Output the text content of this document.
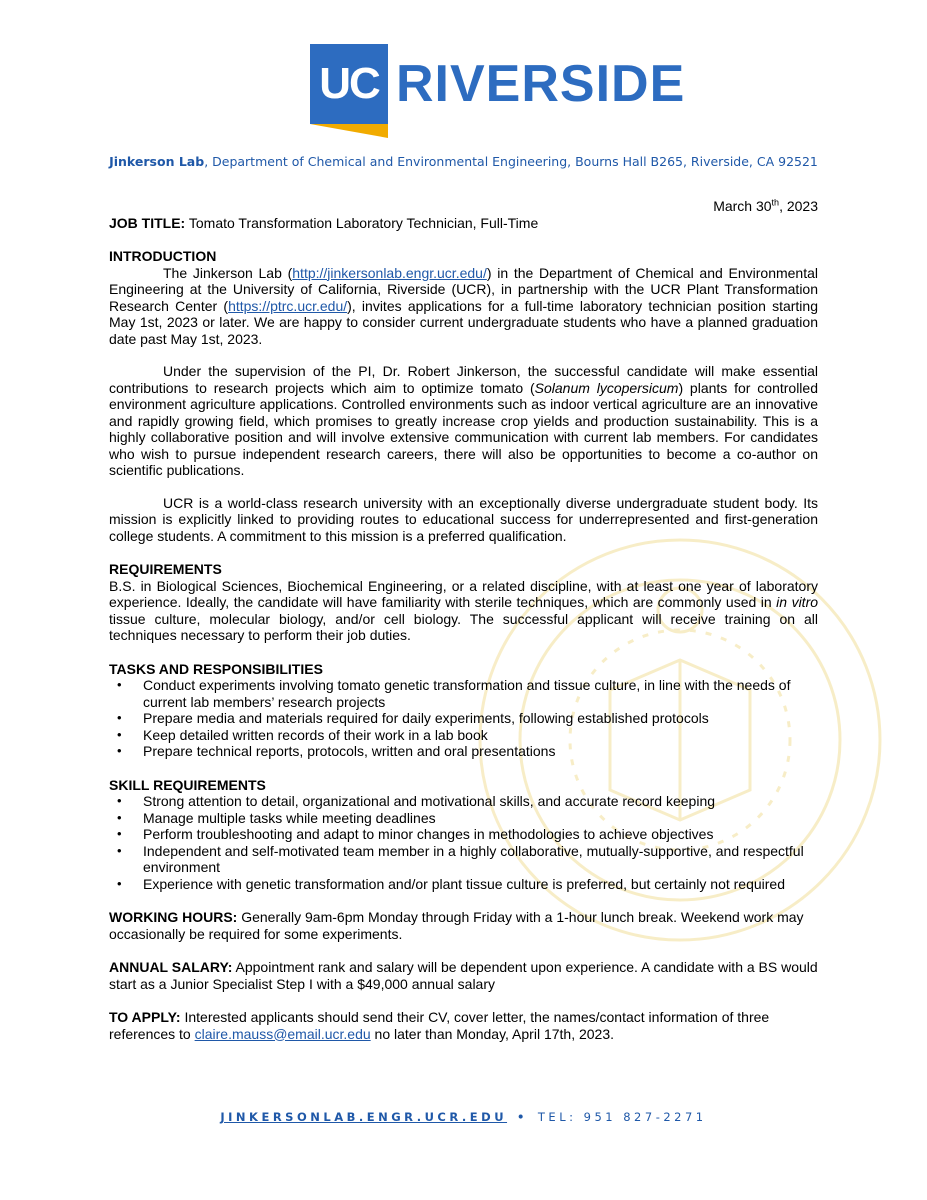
UC RIVERSIDE
Jinkerson Lab, Department of Chemical and Environmental Engineering, Bourns Hall B265, Riverside, CA 92521

March 30th, 2023

JOB TITLE: Tomato Transformation Laboratory Technician, Full-Time

INTRODUCTION

The Jinkerson Lab (http://jinkersonlab.engr.ucr.edu/) in the Department of Chemical and Environmental Engineering at the University of California, Riverside (UCR), in partnership with the UCR Plant Transformation Research Center (https://ptrc.ucr.edu/), invites applications for a full-time laboratory technician position starting May 1st, 2023 or later. We are happy to consider current undergraduate students who have a planned graduation date past May 1st, 2023.

Under the supervision of the PI, Dr. Robert Jinkerson, the successful candidate will make essential contributions to research projects which aim to optimize tomato (Solanum lycopersicum) plants for controlled environment agriculture applications. Controlled environments such as indoor vertical agriculture are an innovative and rapidly growing field, which promises to greatly increase crop yields and production sustainability. This is a highly collaborative position and will involve extensive communication with current lab members. For candidates who wish to pursue independent research careers, there will also be opportunities to become a co-author on scientific publications.

UCR is a world-class research university with an exceptionally diverse undergraduate student body. Its mission is explicitly linked to providing routes to educational success for underrepresented and first-generation college students. A commitment to this mission is a preferred qualification.

REQUIREMENTS

B.S. in Biological Sciences, Biochemical Engineering, or a related discipline, with at least one year of laboratory experience. Ideally, the candidate will have familiarity with sterile techniques, which are commonly used in in vitro tissue culture, molecular biology, and/or cell biology. The successful applicant will receive training on all techniques necessary to perform their job duties.

TASKS AND RESPONSIBILITIES

• Conduct experiments involving tomato genetic transformation and tissue culture, in line with the needs of current lab members’ research projects
• Prepare media and materials required for daily experiments, following established protocols
• Keep detailed written records of their work in a lab book
• Prepare technical reports, protocols, written and oral presentations

SKILL REQUIREMENTS

• Strong attention to detail, organizational and motivational skills, and accurate record keeping
• Manage multiple tasks while meeting deadlines
• Perform troubleshooting and adapt to minor changes in methodologies to achieve objectives
• Independent and self-motivated team member in a highly collaborative, mutually-supportive, and respectful environment
• Experience with genetic transformation and/or plant tissue culture is preferred, but certainly not required

WORKING HOURS: Generally 9am-6pm Monday through Friday with a 1-hour lunch break. Weekend work may occasionally be required for some experiments.

ANNUAL SALARY: Appointment rank and salary will be dependent upon experience. A candidate with a BS would start as a Junior Specialist Step I with a $49,000 annual salary

TO APPLY: Interested applicants should send their CV, cover letter, the names/contact information of three references to claire.mauss@email.ucr.edu no later than Monday, April 17th, 2023.

JINKERSONLAB.ENGR.UCR.EDU • TEL: 951 827-2271
